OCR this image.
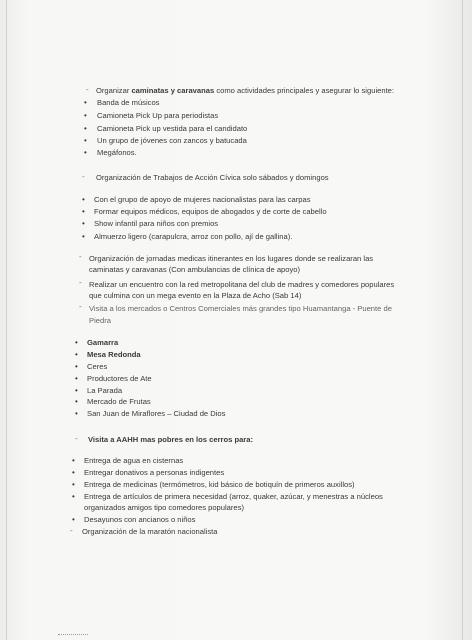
- Organizar caminatas y caravanas como actividades principales y asegurar lo siguiente:
• Banda de músicos
• Camioneta Pick Up para periodistas
• Camioneta Pick up vestida para el candidato
• Un grupo de jóvenes con zancos y batucada
• Megáfonos.
- Organización de Trabajos de Acción Cívica solo sábados y domingos
• Con el grupo de apoyo de mujeres nacionalistas para las carpas
• Formar equipos médicos, equipos de abogados y de corte de cabello
• Show infantil para niños con premios
• Almuerzo ligero (carapulcra, arroz con pollo, ají de gallina).
- Organización de jornadas medicas itinerantes en los lugares donde se realizaran las
caminatas y caravanas (Con ambulancias de clínica de apoyo)
- Realizar un encuentro con la red metropolitana del club de madres y comedores populares
que culmina con un mega evento en la Plaza de Acho (Sab 14)
- Visita a los mercados o Centros Comerciales más grandes tipo Huamantanga - Puente de
Piedra
• Gamarra
• Mesa Redonda
• Ceres
• Productores de Ate
• La Parada
• Mercado de Frutas
• San Juan de Miraflores – Ciudad de Dios
- Visita a AAHH mas pobres en los cerros para:
• Entrega de agua en cisternas
• Entregar donativos a personas indigentes
• Entrega de medicinas (termómetros, kid básico de botiquín de primeros auxillos)
• Entrega de artículos de primera necesidad (arroz, quaker, azúcar, y menestras a núcleos
organizados amigos tipo comedores populares)
• Desayunos con ancianos o niños
- Organización de la maratón nacionalista
